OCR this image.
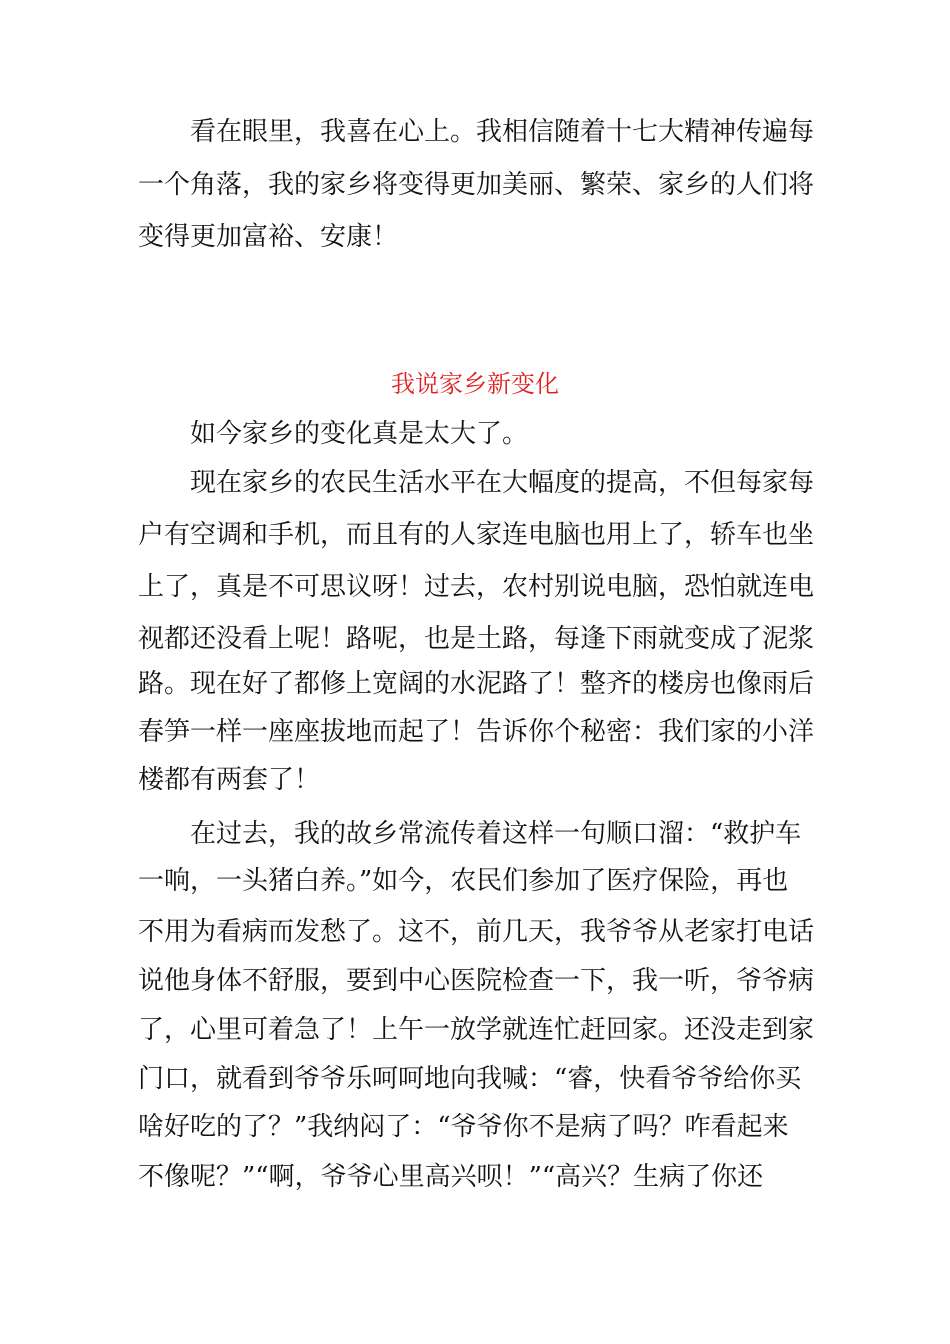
看在眼里，我喜在心上。我相信随着十七大精神传遍每
一个角落，我的家乡将变得更加美丽、繁荣、家乡的人们将
变得更加富裕、安康！
我说家乡新变化
如今家乡的变化真是太大了。
现在家乡的农民生活水平在大幅度的提高，不但每家每
户有空调和手机，而且有的人家连电脑也用上了，轿车也坐
上了，真是不可思议呀！过去，农村别说电脑，恐怕就连电
视都还没看上呢！路呢，也是土路，每逢下雨就变成了泥浆
路。现在好了都修上宽阔的水泥路了！整齐的楼房也像雨后
春笋一样一座座拔地而起了！告诉你个秘密：我们家的小洋
楼都有两套了！
在过去，我的故乡常流传着这样一句顺口溜：“救护车
一响，一头猪白养。”如今，农民们参加了医疗保险，再也
不用为看病而发愁了。这不，前几天，我爷爷从老家打电话
说他身体不舒服，要到中心医院检查一下，我一听，爷爷病
了，心里可着急了！上午一放学就连忙赶回家。还没走到家
门口，就看到爷爷乐呵呵地向我喊：“睿，快看爷爷给你买
啥好吃的了？”我纳闷了：“爷爷你不是病了吗？咋看起来
不像呢？”“啊，爷爷心里高兴呗！”“高兴？生病了你还
